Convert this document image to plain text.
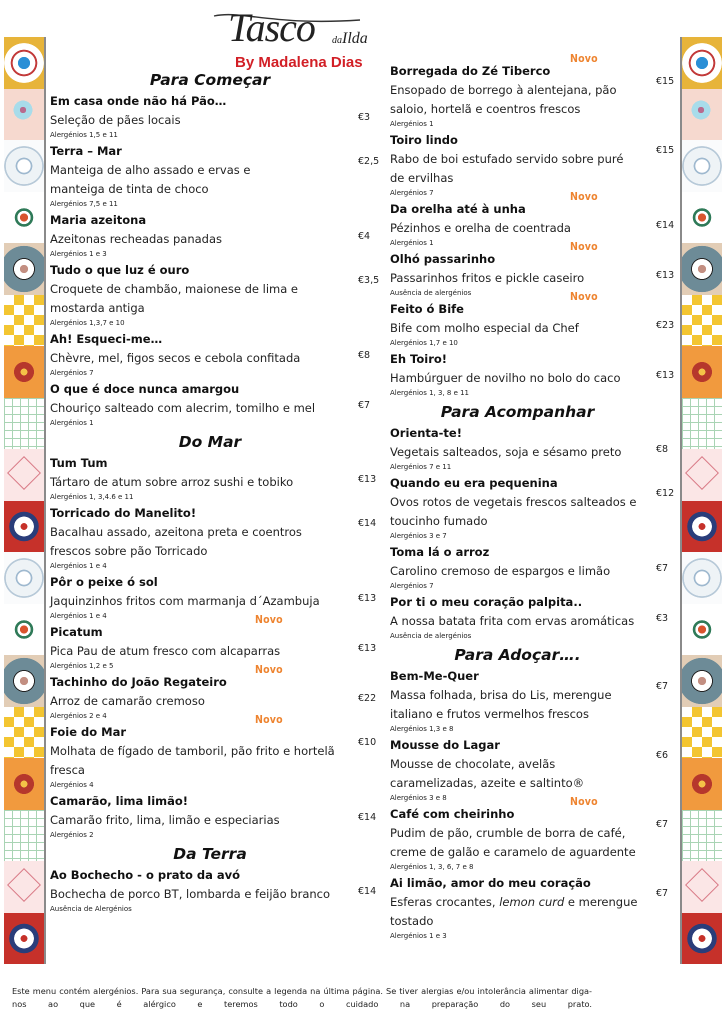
Tasco daIlda
By Madalena Dias
Para Começar
Em casa onde não há Pão…
Seleção de pães locais
Alergénios 1,5 e 11
€3
Terra – Mar
Manteiga de alho assado e ervas e
manteiga de tinta de choco
Alergénios 7,5 e 11
€2,5
Maria azeitona
Azeitonas recheadas panadas
Alergénios 1 e 3
€4
Tudo o que luz é ouro
Croquete de chambão, maionese de lima e
mostarda antiga
Alergénios 1,3,7 e 10
€3,5
Ah! Esqueci-me…
Chèvre, mel, figos secos e cebola confitada
Alergénios 7
€8
O que é doce nunca amargou
Chouriço salteado com alecrim, tomilho e mel
Alergénios 1
€7
Do Mar
Tum Tum
Tártaro de atum sobre arroz sushi e tobiko
Alergénios 1, 3,4.6 e 11
€13
Torricado do Manelito!
Bacalhau assado, azeitona preta e coentros
frescos sobre pão Torricado
Alergénios 1 e 4
€14
Pôr o peixe ó sol
Jaquinzinhos fritos com marmanja d´Azambuja
Alergénios 1 e 4
€13
Picatum
Pica Pau de atum fresco com alcaparras
Alergénios 1,2 e 5
€13
Novo
Tachinho do João Regateiro
Arroz de camarão cremoso
Alergénios 2 e 4
€22
Novo
Foie do Mar
Molhata de fígado de tamboril, pão frito e hortelã
fresca
Alergénios 4
€10
Novo
Camarão, lima limão!
Camarão frito, lima, limão e especiarias
Alergénios 2
€14
Da Terra
Ao Bochecho - o prato da avó
Bochecha de porco BT, lombarda e feijão branco
Ausência de Alergénios
€14
Borregada do Zé Tiberco
Ensopado de borrego à alentejana, pão
saloio, hortelã e coentros frescos
Alergénios 1
€15
Novo
Toiro lindo
Rabo de boi estufado servido sobre puré
de ervilhas
Alergénios 7
€15
Da orelha até à unha
Pézinhos e orelha de coentrada
Alergénios 1
€14
Novo
Olhó passarinho
Passarinhos fritos e pickle caseiro
Ausência de alergénios
€13
Novo
Feito ó Bife
Bife com molho especial da Chef
Alergénios 1,7 e 10
€23
Novo
Eh Toiro!
Hambúrguer de novilho no bolo do caco
Alergénios 1, 3, 8 e 11
€13
Para Acompanhar
Orienta-te!
Vegetais salteados, soja e sésamo preto
Alergénios 7 e 11
€8
Quando eu era pequenina
Ovos rotos de vegetais frescos salteados e
toucinho fumado
Alergénios 3 e 7
€12
Toma lá o arroz
Carolino cremoso de espargos e limão
Alergénios 7
€7
Por ti o meu coração palpita..
A nossa batata frita com ervas aromáticas
Ausência de alergénios
€3
Para Adoçar….
Bem-Me-Quer
Massa folhada, brisa do Lis, merengue
italiano e frutos vermelhos frescos
Alergénios 1,3 e 8
€7
Mousse do Lagar
Mousse de chocolate, avelãs
caramelizadas, azeite e saltinto®
Alergénios 3 e 8
€6
Café com cheirinho
Pudim de pão, crumble de borra de café,
creme de galão e caramelo de aguardente
Alergénios 1, 3, 6, 7 e 8
€7
Novo
Ai limão, amor do meu coração
Esferas crocantes, lemon curd e merengue
tostado
Alergénios 1 e 3
€7
Este menu contém alergénios. Para sua segurança, consulte a legenda na última página. Se tiver alergias e/ou intolerância alimentar diga-nos ao que é alérgico e teremos todo o cuidado na preparação do seu prato.
